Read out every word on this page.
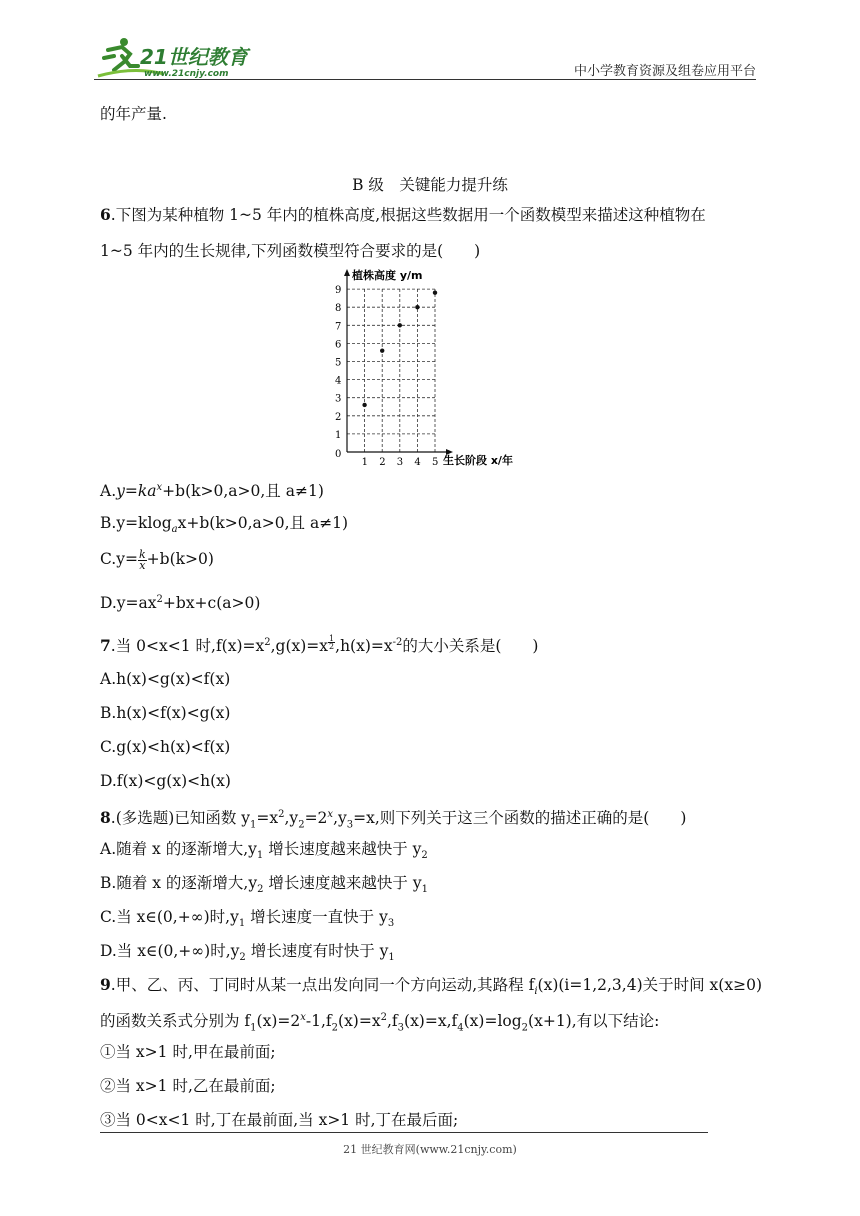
21世纪教育
www.21cnjy.com	中小学教育资源及组卷应用平台
的年产量.
B 级　关键能力提升练
6.下图为某种植物 1~5 年内的植株高度,根据这些数据用一个函数模型来描述这种植物在
1~5 年内的生长规律,下列函数模型符合要求的是(　　)
1 2 3 4 5
1
2
3
4
5
6
7
8
9
植株高度 y/m
生长阶段 x/年
0
$A.y=ka^x+b(k>0,a>0$,且 a≠1)
B.y=klog$_a$x+b(k>0,a>0,且 a≠1)
$C.y= \frac{k}{x} +b(k>0)$
$D.y=ax^2+bx+c(a>0)$
7.当 0<x<1 时$,f(x)=x^2,g(x)=x$ $^{\frac{1}{2}}$ $,h(x)=x^{-2}$的大小关系是(　　)
A.h(x)<g(x)<f(x)
B.h(x)<f(x)<g(x)
C.g(x)<h(x)<f(x)
D.f(x)<g(x)<h(x)
8.(多选题)已知函数 $y_1=x^2,y_2=2^x,y_3=x$,则下列关于这三个函数的描述正确的是(　　)
A.随着 x 的逐渐增大$,y_1$ 增长速度越来越快于 $y_2$
B.随着 x 的逐渐增大$,y_2$ 增长速度越来越快于 $y_1$
C.当 x∈(0,+∞)时$,y_1$ 增长速度一直快于 $y_3$
D.当 x∈(0,+∞)时$,y_2$ 增长速度有时快于 $y_1$
9.甲、乙、丙、丁同时从某一点出发向同一个方向运动,其路程 $f_i(x)(i=1,2,3,4)$关于时间 x(x≥0)
的函数关系式分别为 $f_1(x)=2^x-1,f_2(x)=x^2,f_3(x)=x,f_4(x)=\log_2(x+1)$,有以下结论:
①当 x>1 时,甲在最前面;
②当 x>1 时,乙在最前面;
③当 0<x<1 时,丁在最前面,当 x>1 时,丁在最后面;
21 世纪教育网(www.21cnjy.com)
